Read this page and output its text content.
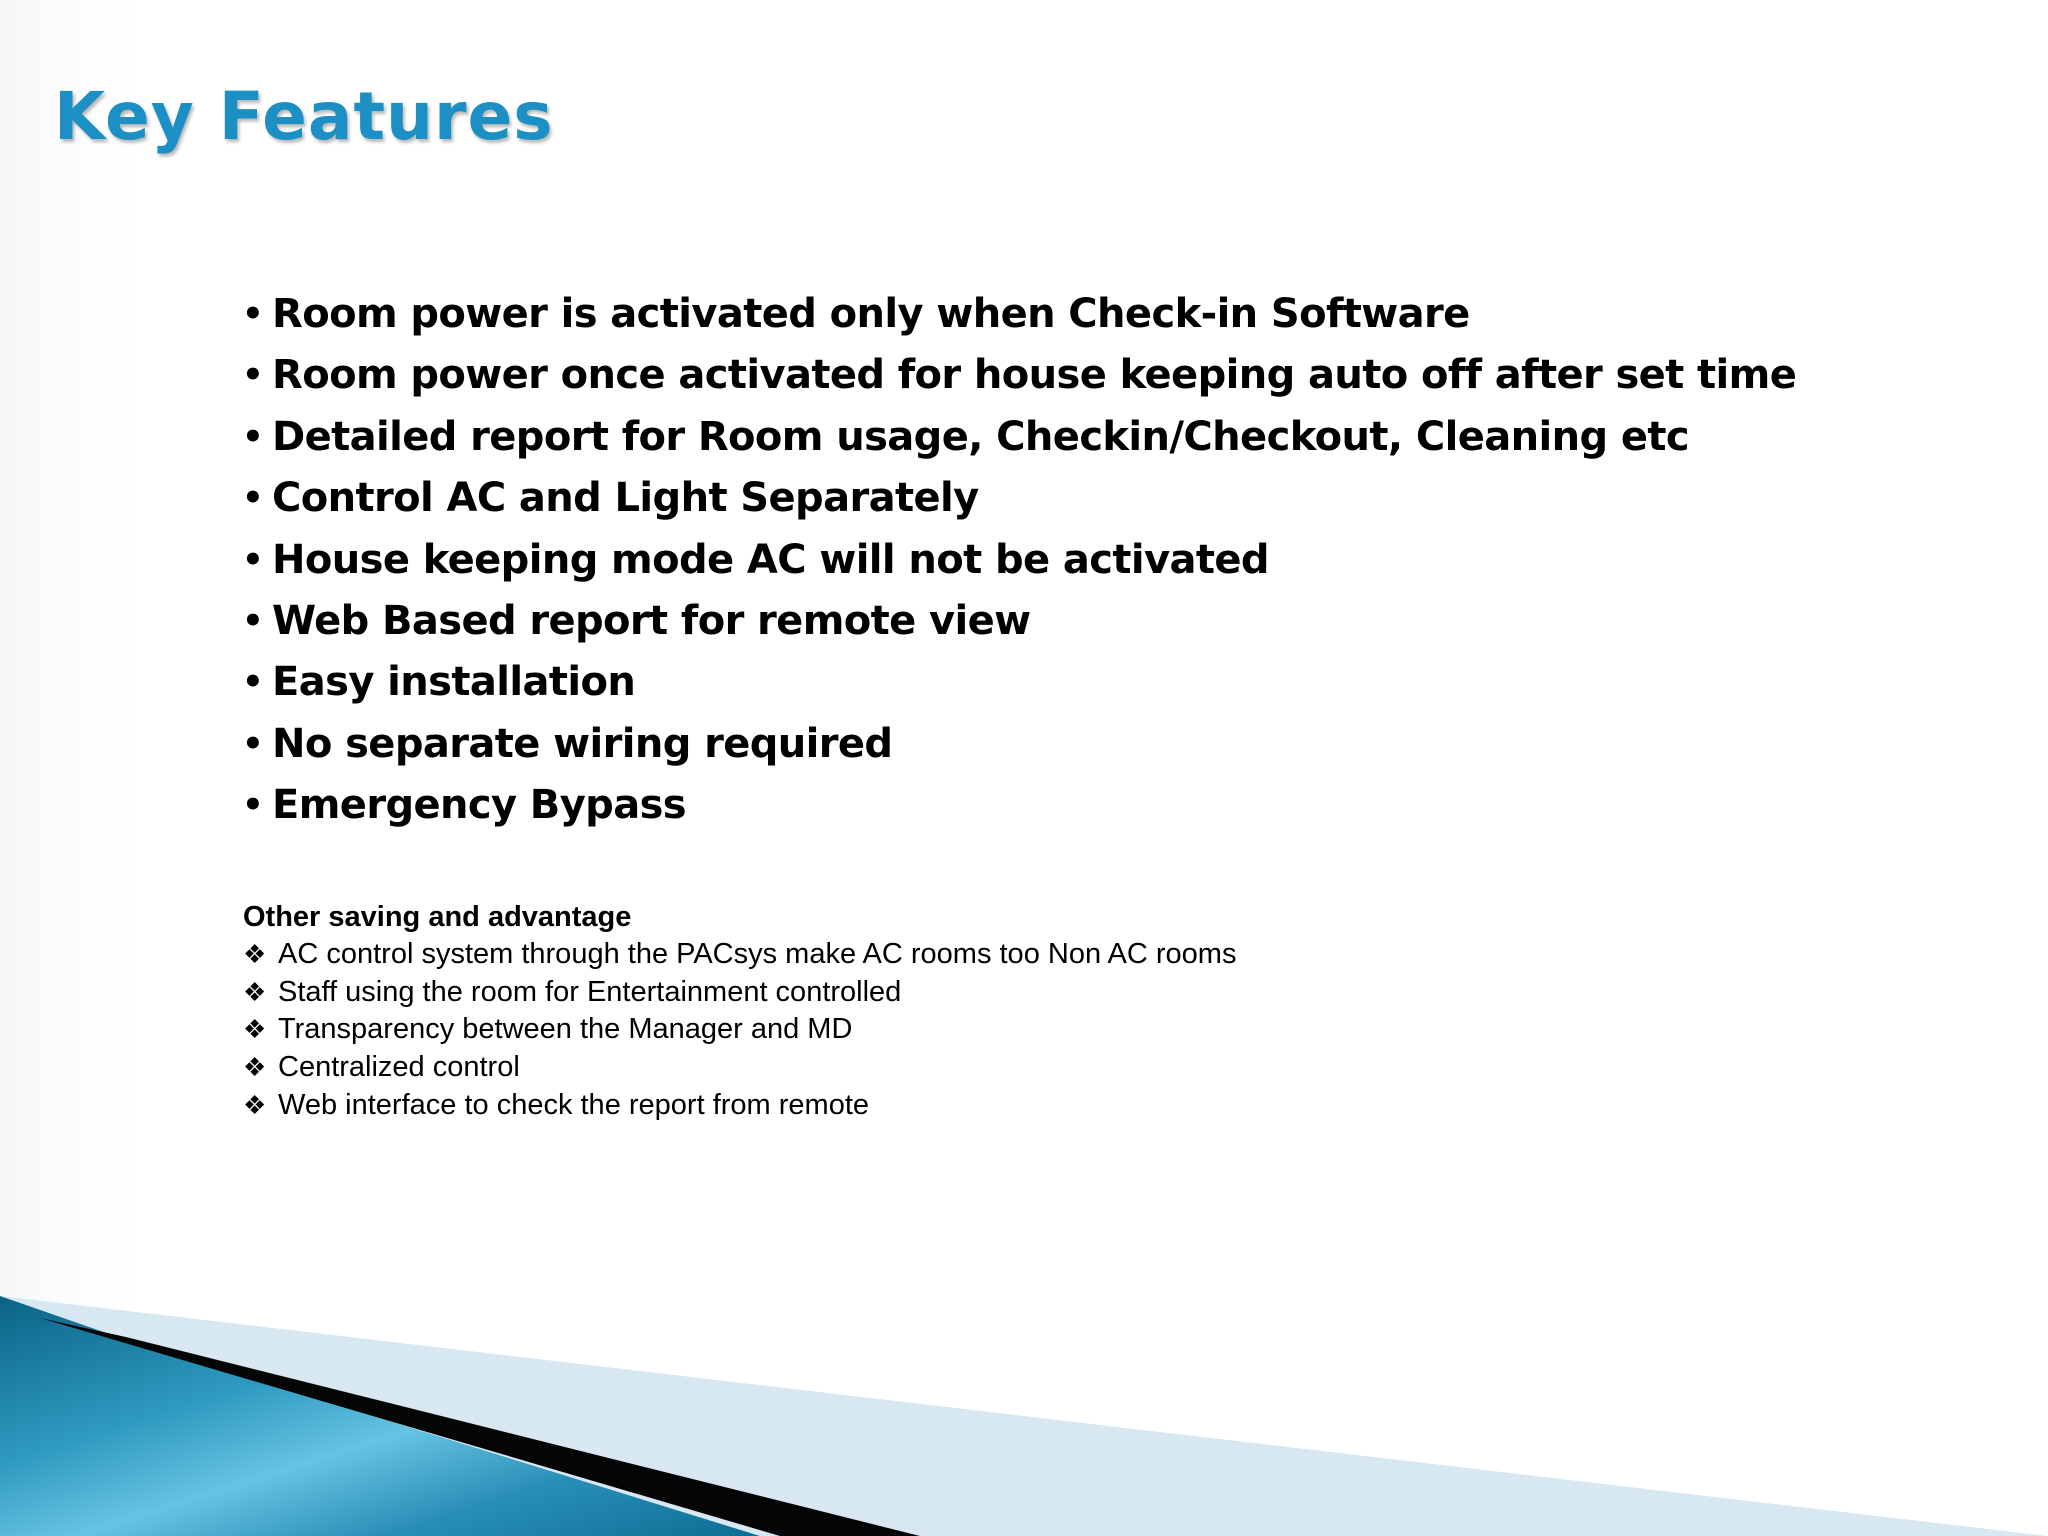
Key Features
• Room power is activated only when Check-in Software
• Room power once activated for house keeping auto off after set time
• Detailed report for Room usage, Checkin/Checkout, Cleaning etc
• Control AC and Light Separately
• House keeping mode AC will not be activated
• Web Based report for remote view
• Easy installation
• No separate wiring required
• Emergency Bypass

Other saving and advantage

❖ AC control system through the PACsys make AC rooms too Non AC rooms
❖ Staff using the room for Entertainment controlled
❖ Transparency between the Manager and MD
❖ Centralized control
❖ Web interface to check the report from remote
